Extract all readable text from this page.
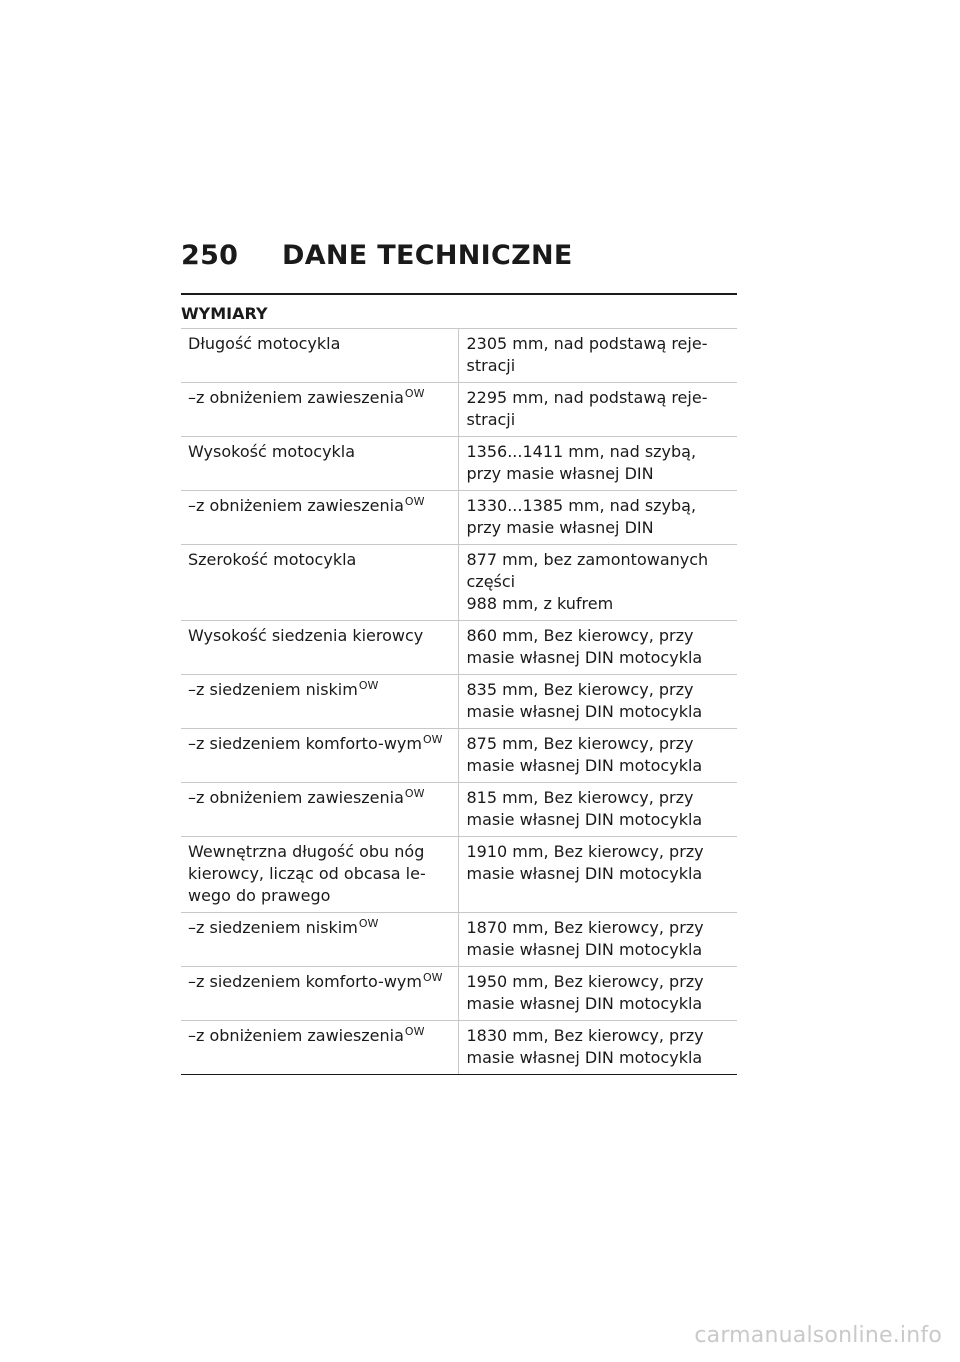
250	DANE TECHNICZNE
WYMIARY
Długość motocykla	2305 mm, nad podstawą reje-
stracji

–z obniżeniem zawieszenia$^{OW}$	2295 mm, nad podstawą reje-
stracji

Wysokość motocykla	1356...1411 mm, nad szybą,
przy masie własnej DIN

–z obniżeniem zawieszenia$^{OW}$	1330...1385 mm, nad szybą,
przy masie własnej DIN

Szerokość motocykla	877 mm, bez zamontowanych
części
988 mm, z kufrem

Wysokość siedzenia kierowcy	860 mm, Bez kierowcy, przy
masie własnej DIN motocykla

–z siedzeniem niskim$^{OW}$	835 mm, Bez kierowcy, przy
masie własnej DIN motocykla

–z siedzeniem komforto-wym$^{OW}$	875 mm, Bez kierowcy, przy
masie własnej DIN motocykla

–z obniżeniem zawieszenia$^{OW}$	815 mm, Bez kierowcy, przy
masie własnej DIN motocykla

Wewnętrzna długość obu nóg kierowcy, licząc od obcasa le-wego do prawego	1910 mm, Bez kierowcy, przy
masie własnej DIN motocykla

–z siedzeniem niskim$^{OW}$	1870 mm, Bez kierowcy, przy
masie własnej DIN motocykla

–z siedzeniem komforto-wym$^{OW}$	1950 mm, Bez kierowcy, przy
masie własnej DIN motocykla

–z obniżeniem zawieszenia$^{OW}$	1830 mm, Bez kierowcy, przy
masie własnej DIN motocykla
carmanualsonline.info
